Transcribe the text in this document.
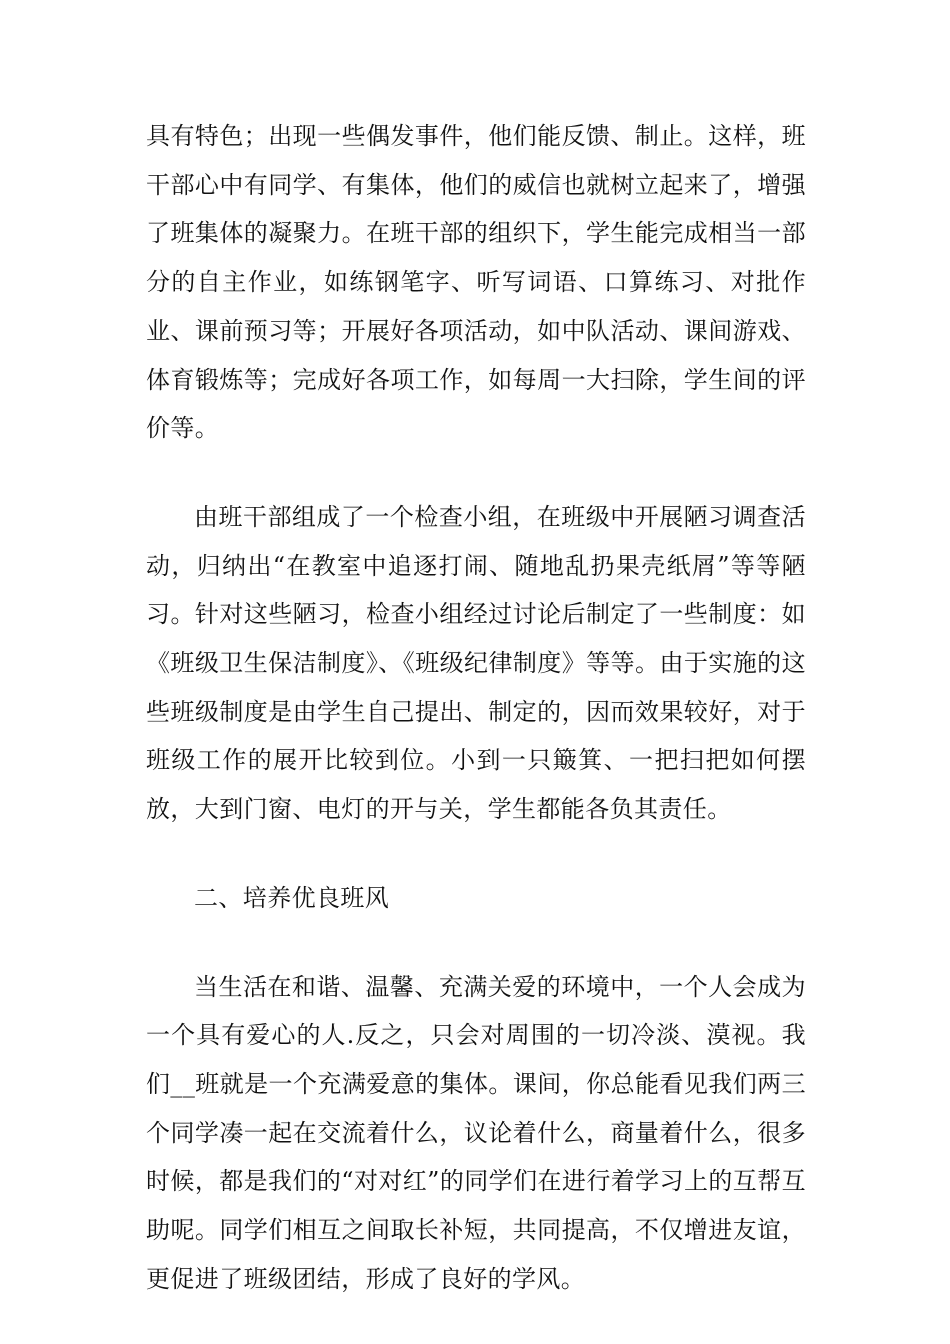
具有特色；出现一些偶发事件，他们能反馈、制止。这样，班干部心中有同学、有集体，他们的威信也就树立起来了，增强了班集体的凝聚力。在班干部的组织下，学生能完成相当一部分的自主作业，如练钢笔字、听写词语、口算练习、对批作业、课前预习等；开展好各项活动，如中队活动、课间游戏、体育锻炼等；完成好各项工作，如每周一大扫除，学生间的评价等。

由班干部组成了一个检查小组，在班级中开展陋习调查活动，归纳出“在教室中追逐打闹、随地乱扔果壳纸屑”等等陋习。针对这些陋习，检查小组经过讨论后制定了一些制度：如《班级卫生保洁制度》、《班级纪律制度》等等。由于实施的这些班级制度是由学生自己提出、制定的，因而效果较好，对于班级工作的展开比较到位。小到一只簸箕、一把扫把如何摆放，大到门窗、电灯的开与关，学生都能各负其责任。

二、培养优良班风

当生活在和谐、温馨、充满关爱的环境中，一个人会成为一个具有爱心的人.反之，只会对周围的一切冷淡、漠视。我们__班就是一个充满爱意的集体。课间，你总能看见我们两三个同学凑一起在交流着什么，议论着什么，商量着什么，很多时候，都是我们的“对对红”的同学们在进行着学习上的互帮互助呢。同学们相互之间取长补短，共同提高，不仅增进友谊，更促进了班级团结，形成了良好的学风。
